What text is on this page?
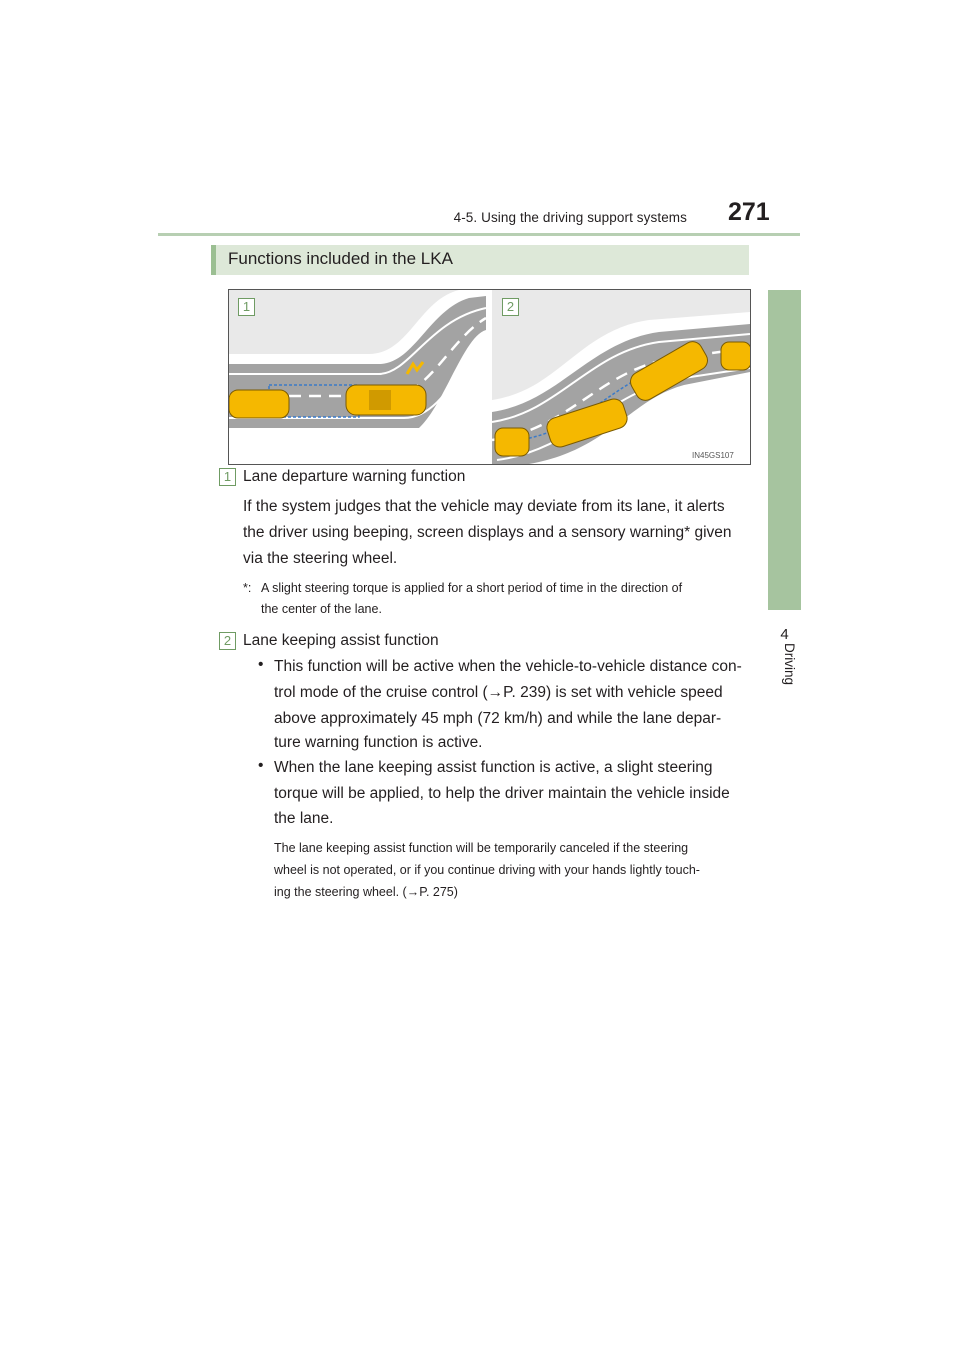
4-5. Using the driving support systems 271
4
Driving
Functions included in the LKA
IN45GS107
1	2
1 Lane departure warning function
If the system judges that the vehicle may deviate from its lane, it alerts
the driver using beeping, screen displays and a sensory warning* given
via the steering wheel.
*: A slight steering torque is applied for a short period of time in the direction of
the center of the lane.
2 Lane keeping assist function
• This function will be active when the vehicle-to-vehicle distance con-
trol mode of the cruise control (→P. 239) is set with vehicle speed
above approximately 45 mph (72 km/h) and while the lane depar-
ture warning function is active.
• When the lane keeping assist function is active, a slight steering
torque will be applied, to help the driver maintain the vehicle inside
the lane.
The lane keeping assist function will be temporarily canceled if the steering
wheel is not operated, or if you continue driving with your hands lightly touch-
ing the steering wheel. (→P. 275)
